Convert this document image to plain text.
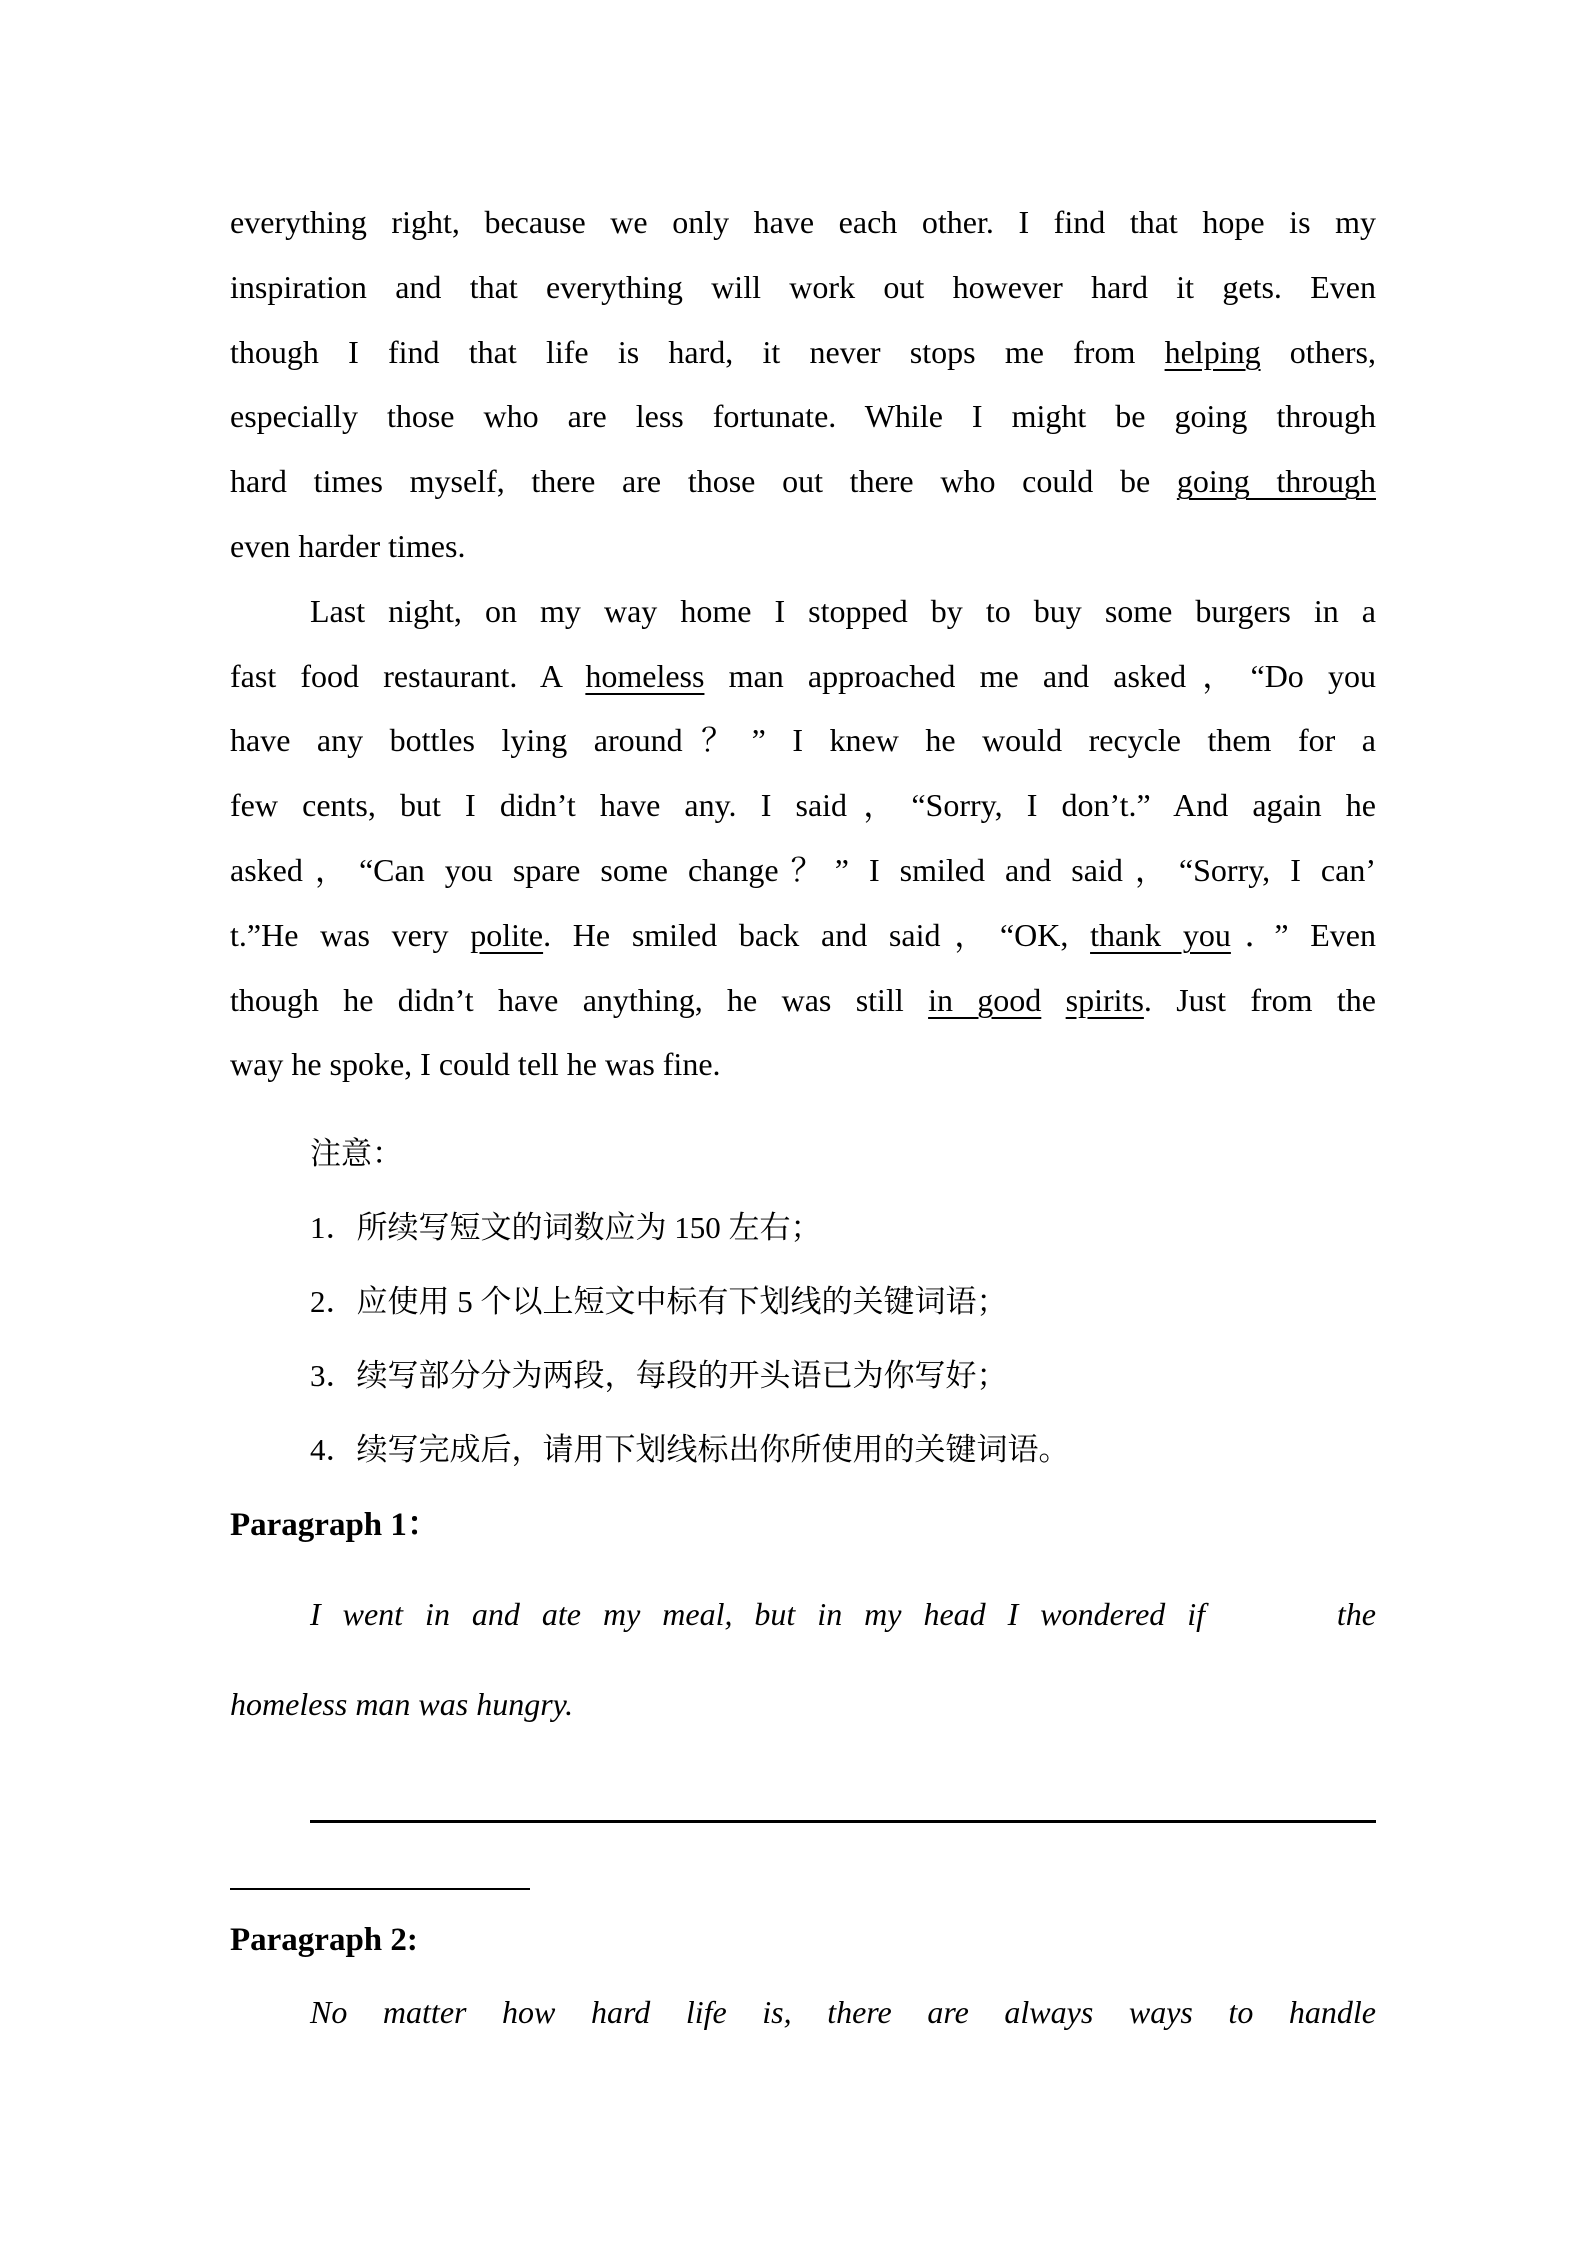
everything right, because we only have each other. I find that hope is my
inspiration and that everything will work out however hard it gets. Even
though I find that life is hard, it never stops me from helping others,
especially those who are less fortunate. While I might be going through
hard times myself, there are those out there who could be going through
even harder times.
Last night, on my way home I stopped by to buy some burgers in a
fast food restaurant. A homeless man approached me and asked，“Do you
have any bottles lying around？” I knew he would recycle them for a
few cents, but I didn’t have any. I said，“Sorry, I don’t.” And again he
asked，“Can you spare some change？” I smiled and said，“Sorry, I can’
t.”He was very polite. He smiled back and said，“OK, thank you．” Even
though he didn’t have anything, he was still in good spirits. Just from the
way he spoke, I could tell he was fine.
注意：
1．所续写短文的词数应为 150 左右；
2．应使用 5 个以上短文中标有下划线的关键词语；
3．续写部分分为两段，每段的开头语已为你写好；
4．续写完成后，请用下划线标出你所使用的关键词语。
Paragraph 1：
I went in and ate my meal, but in my head I wondered if      the
homeless man was hungry.
Paragraph 2:
No matter how hard life is, there are always ways to handle
